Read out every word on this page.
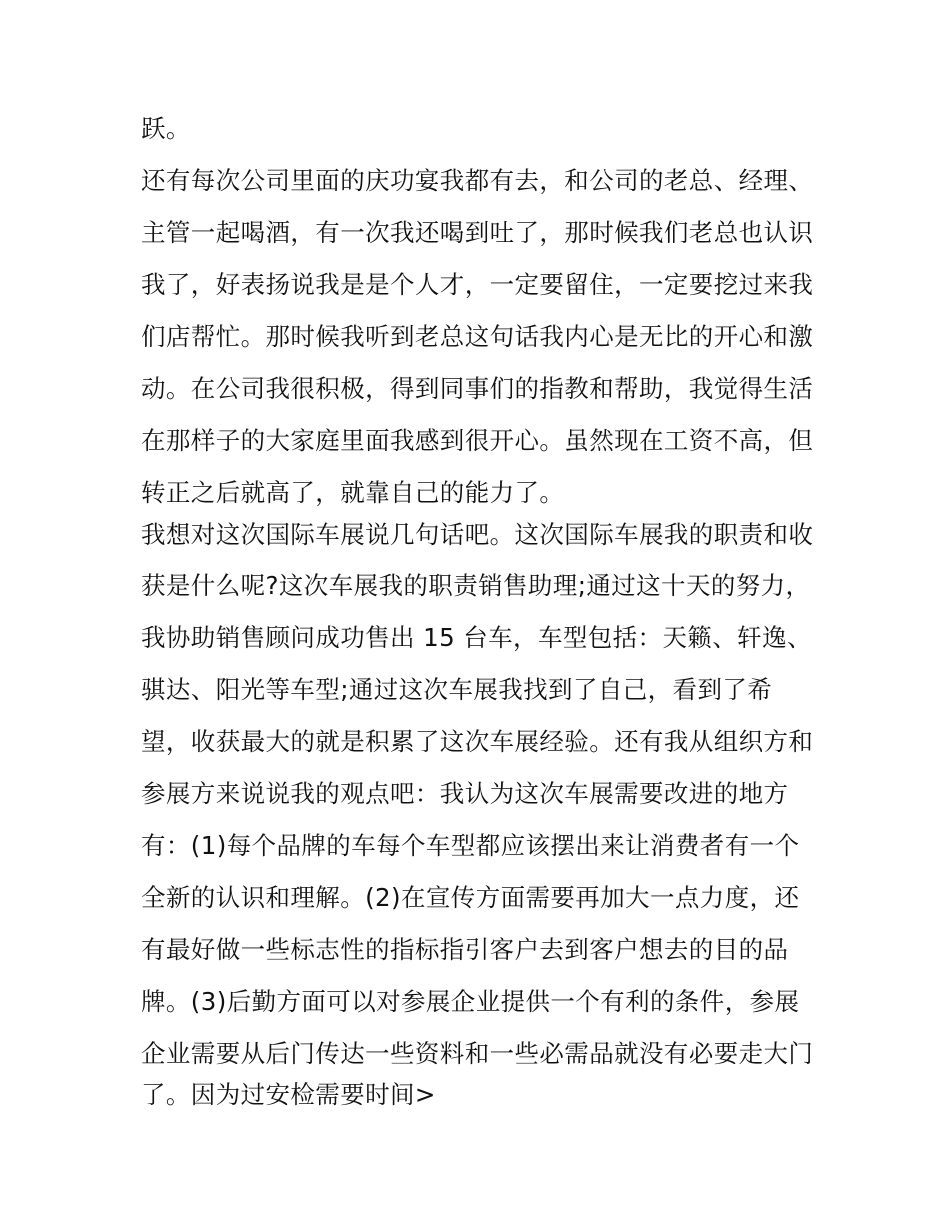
跃。
还有每次公司里面的庆功宴我都有去，和公司的老总、经理、
主管一起喝酒，有一次我还喝到吐了，那时候我们老总也认识
我了，好表扬说我是是个人才，一定要留住，一定要挖过来我
们店帮忙。那时候我听到老总这句话我内心是无比的开心和激
动。在公司我很积极，得到同事们的指教和帮助，我觉得生活
在那样子的大家庭里面我感到很开心。虽然现在工资不高，但
转正之后就高了，就靠自己的能力了。
我想对这次国际车展说几句话吧。这次国际车展我的职责和收
获是什么呢?这次车展我的职责销售助理;通过这十天的努力，
我协助销售顾问成功售出 15 台车，车型包括：天籁、轩逸、
骐达、阳光等车型;通过这次车展我找到了自己，看到了希
望，收获最大的就是积累了这次车展经验。还有我从组织方和
参展方来说说我的观点吧：我认为这次车展需要改进的地方
有：(1)每个品牌的车每个车型都应该摆出来让消费者有一个
全新的认识和理解。(2)在宣传方面需要再加大一点力度，还
有最好做一些标志性的指标指引客户去到客户想去的目的品
牌。(3)后勤方面可以对参展企业提供一个有利的条件，参展
企业需要从后门传达一些资料和一些必需品就没有必要走大门
了。因为过安检需要时间>
